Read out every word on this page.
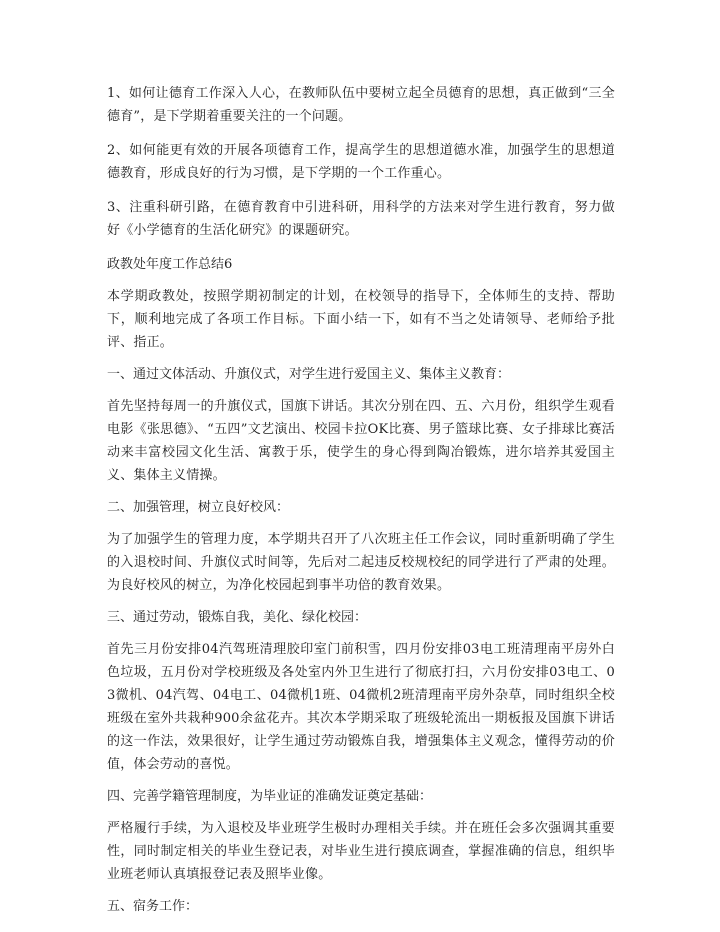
1、如何让德育工作深入人心，在教师队伍中要树立起全员德育的思想，真正做到“三全德育”，是下学期着重要关注的一个问题。

2、如何能更有效的开展各项德育工作，提高学生的思想道德水准，加强学生的思想道德教育，形成良好的行为习惯，是下学期的一个工作重心。

3、注重科研引路，在德育教育中引进科研，用科学的方法来对学生进行教育，努力做好《小学德育的生活化研究》的课题研究。

政教处年度工作总结6

本学期政教处，按照学期初制定的计划，在校领导的指导下，全体师生的支持、帮助下，顺利地完成了各项工作目标。下面小结一下，如有不当之处请领导、老师给予批评、指正。

一、通过文体活动、升旗仪式，对学生进行爱国主义、集体主义教育：

首先坚持每周一的升旗仪式，国旗下讲话。其次分别在四、五、六月份，组织学生观看电影《张思德》、“五四”文艺演出、校园卡拉OK比赛、男子篮球比赛、女子排球比赛活动来丰富校园文化生活、寓教于乐，使学生的身心得到陶冶锻炼，进尔培养其爱国主义、集体主义情操。

二、加强管理，树立良好校风：

为了加强学生的管理力度，本学期共召开了八次班主任工作会议，同时重新明确了学生的入退校时间、升旗仪式时间等，先后对二起违反校规校纪的同学进行了严肃的处理。为良好校风的树立，为净化校园起到事半功倍的教育效果。

三、通过劳动，锻炼自我，美化、绿化校园：

首先三月份安排04汽驾班清理胶印室门前积雪，四月份安排03电工班清理南平房外白色垃圾，五月份对学校班级及各处室内外卫生进行了彻底打扫，六月份安排03电工、03微机、04汽驾、04电工、04微机1班、04微机2班清理南平房外杂草，同时组织全校班级在室外共栽种900余盆花卉。其次本学期采取了班级轮流出一期板报及国旗下讲话的这一作法，效果很好，让学生通过劳动锻炼自我，增强集体主义观念，懂得劳动的价值，体会劳动的喜悦。

四、完善学籍管理制度，为毕业证的准确发证奠定基础：

严格履行手续，为入退校及毕业班学生极时办理相关手续。并在班任会多次强调其重要性，同时制定相关的毕业生登记表，对毕业生进行摸底调查，掌握准确的信息，组织毕业班老师认真填报登记表及照毕业像。

五、宿务工作：
